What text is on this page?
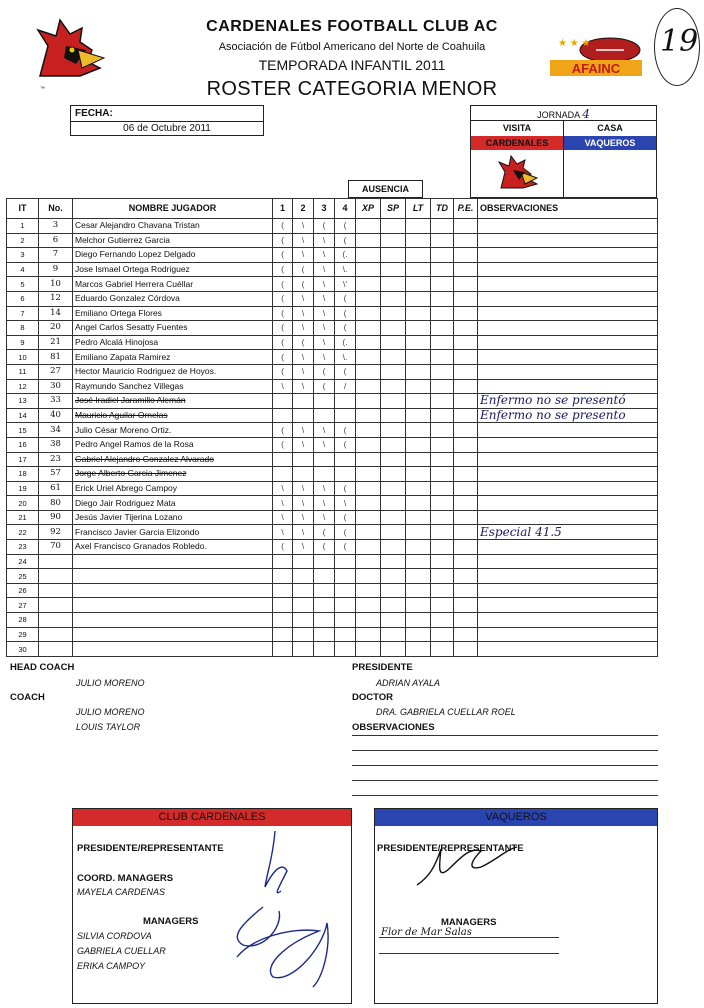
™
★ ★ ★
AFAINC
19
CARDENALES FOOTBALL CLUB AC
Asociación de Fútbol Americano del Norte de Coahuila
TEMPORADA INFANTIL 2011
ROSTER CATEGORIA MENOR
FECHA:
06 de Octubre 2011
JORNADA 4
VISITA	CASA
CARDENALES	VAQUEROS
AUSENCIA
IT	No.	NOMBRE JUGADOR	1	2	3	4	XP	SP	LT	TD	P.E.	OBSERVACIONES
1	3	Cesar Alejandro Chavana Tristan	(	\	(	(						
2	6	Melchor Gutierrez Garcia	(	\	\	(						
3	7	Diego Fernando Lopez Delgado	(	\	\	(.						
4	9	Jose Ismael Ortega Rodriguez	(	(	\	\.						
5	10	Marcos Gabriel Herrera Cuéllar	(	(	\	\'						
6	12	Eduardo Gonzalez Córdova	(	\	\	(						
7	14	Emiliano Ortega Flores	(	\	\	(						
8	20	Angel Carlos Sesatty Fuentes	(	\	\	(						
9	21	Pedro Alcalá Hinojosa	(	(	\	(.						
10	81	Emiliano Zapata Ramirez	(	\	\	\.						
11	27	Hector Mauricio Rodriguez de Hoyos.	(	\	(	(						
12	30	Raymundo Sanchez Villegas	\	\	(	/						
13	33	José Iradiel Jaramillo Alemán										Enfermo no se presentó
14	40	Mauricio Aguilar Ornelas										Enfermo no se presento
15	34	Julio César Moreno Ortiz.	(	\	\	(						
16	38	Pedro Angel Ramos de la Rosa	(	\	\	(						
17	23	Gabriel Alejandro Gonzalez Alvarado										
18	57	Jorge Alberto Garcia Jimenez										
19	61	Erick Uriel Abrego Campoy	\	\	\	(						
20	80	Diego Jair Rodriguez Mata	\	\	\	\						
21	90	Jesús Javier Tijerina Lozano	\	\	\	(						
22	92	Francisco Javier Garcia Elizondo	\	\	(	(						Especial 41.5
23	70	Axel Francisco Granados Robledo.	(	\	(	(						
24												
25												
26												
27												
28												
29												
30												
HEAD COACH
JULIO MORENO
COACH
JULIO MORENO
LOUIS TAYLOR
PRESIDENTE
ADRIAN AYALA
DOCTOR
DRA. GABRIELA CUELLAR ROEL
OBSERVACIONES
CLUB CARDENALES
PRESIDENTE/REPRESENTANTE
COORD. MANAGERS
MAYELA CARDENAS
MANAGERS
SILVIA CORDOVA
GABRIELA CUELLAR
ERIKA CAMPOY
VAQUEROS
PRESIDENTE/REPRESENTANTE
MANAGERS
Flor de Mar Salas
